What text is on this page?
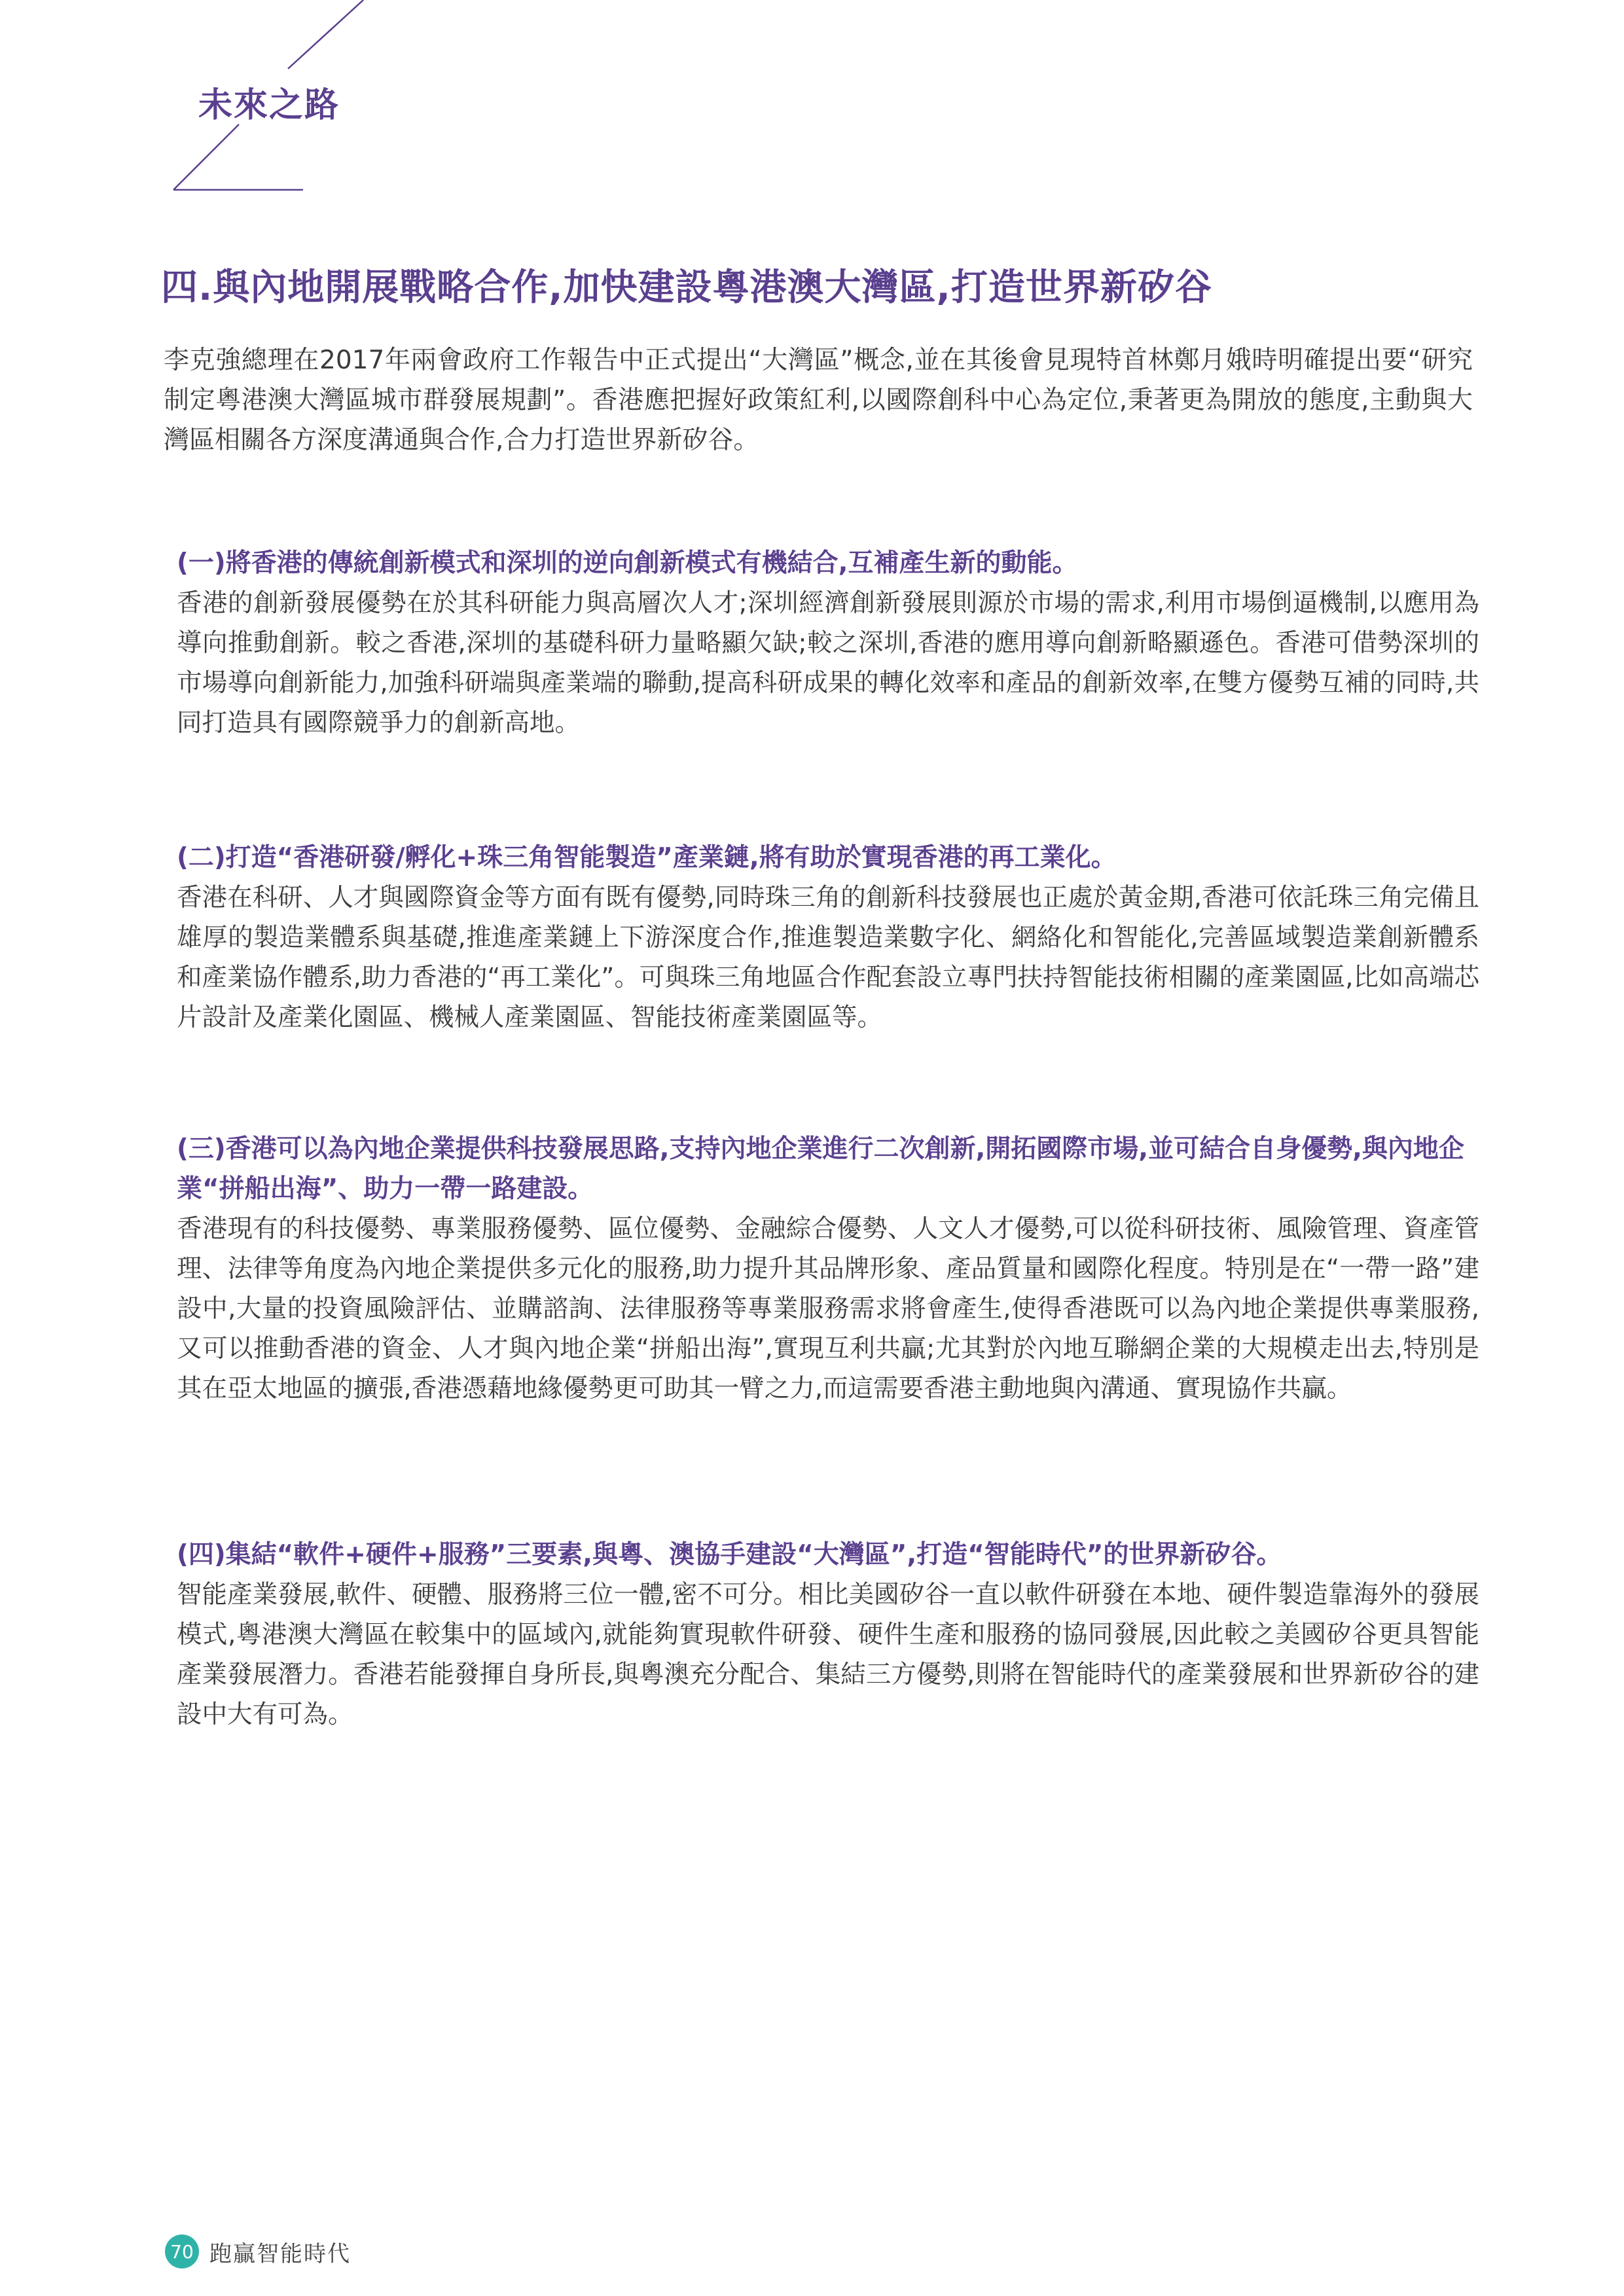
未來之路
四.與內地開展戰略合作,加快建設粵港澳大灣區,打造世界新矽谷

李克強總理在2017年兩會政府工作報告中正式提出“大灣區”概念,並在其後會見現特首林鄭月娥時明確提出要“研究制定粵港澳大灣區城市群發展規劃”。香港應把握好政策紅利,以國際創科中心為定位,秉著更為開放的態度,主動與大灣區相關各方深度溝通與合作,合力打造世界新矽谷。

(一)將香港的傳統創新模式和深圳的逆向創新模式有機結合,互補產生新的動能。

香港的創新發展優勢在於其科研能力與高層次人才;深圳經濟創新發展則源於市場的需求,利用市場倒逼機制,以應用為導向推動創新。較之香港,深圳的基礎科研力量略顯欠缺;較之深圳,香港的應用導向創新略顯遜色。香港可借勢深圳的市場導向創新能力,加強科研端與產業端的聯動,提高科研成果的轉化效率和產品的創新效率,在雙方優勢互補的同時,共同打造具有國際競爭力的創新高地。

(二)打造“香港研發/孵化+珠三角智能製造”產業鏈,將有助於實現香港的再工業化。

香港在科研、人才與國際資金等方面有既有優勢,同時珠三角的創新科技發展也正處於黃金期,香港可依託珠三角完備且雄厚的製造業體系與基礎,推進產業鏈上下游深度合作,推進製造業數字化、網絡化和智能化,完善區域製造業創新體系和產業協作體系,助力香港的“再工業化”。可與珠三角地區合作配套設立專門扶持智能技術相關的產業園區,比如高端芯片設計及產業化園區、機械人產業園區、智能技術產業園區等。

(三)香港可以為內地企業提供科技發展思路,支持內地企業進行二次創新,開拓國際市場,並可結合自身優勢,與內地企業“拼船出海”、助力一帶一路建設。

香港現有的科技優勢、專業服務優勢、區位優勢、金融綜合優勢、人文人才優勢,可以從科研技術、風險管理、資產管理、法律等角度為內地企業提供多元化的服務,助力提升其品牌形象、產品質量和國際化程度。特別是在“一帶一路”建設中,大量的投資風險評估、並購諮詢、法律服務等專業服務需求將會產生,使得香港既可以為內地企業提供專業服務,又可以推動香港的資金、人才與內地企業“拼船出海”,實現互利共贏;尤其對於內地互聯網企業的大規模走出去,特別是其在亞太地區的擴張,香港憑藉地緣優勢更可助其一臂之力,而這需要香港主動地與內溝通、實現協作共贏。

(四)集結“軟件+硬件+服務”三要素,與粵、澳協手建設“大灣區”,打造“智能時代”的世界新矽谷。

智能產業發展,軟件、硬體、服務將三位一體,密不可分。相比美國矽谷一直以軟件研發在本地、硬件製造靠海外的發展模式,粵港澳大灣區在較集中的區域內,就能夠實現軟件研發、硬件生產和服務的協同發展,因此較之美國矽谷更具智能產業發展潛力。香港若能發揮自身所長,與粵澳充分配合、集結三方優勢,則將在智能時代的產業發展和世界新矽谷的建設中大有可為。

70 跑贏智能時代
